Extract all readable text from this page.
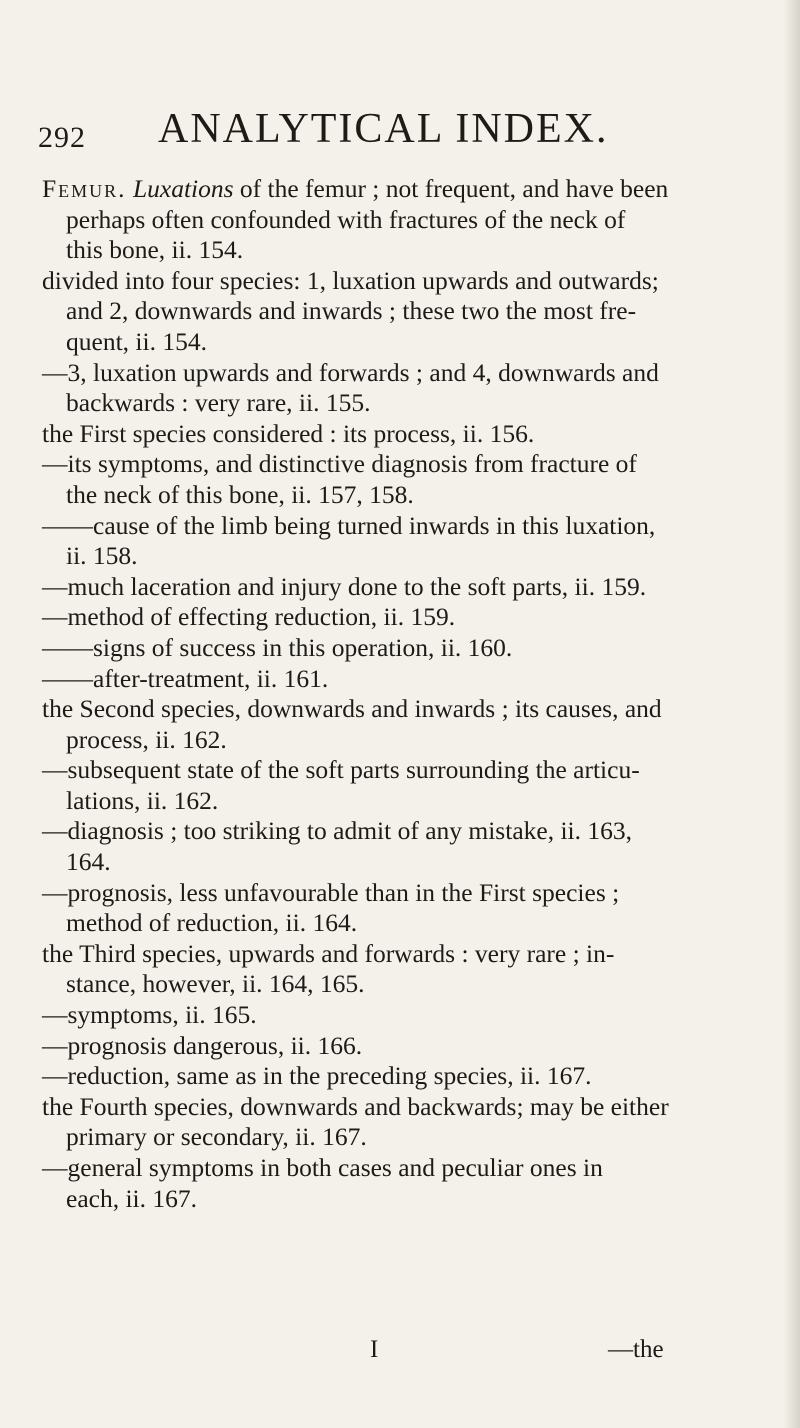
292 ANALYTICAL INDEX.
Femur. Luxations of the femur ; not frequent, and have been
perhaps often confounded with fractures of the neck of
this bone, ii. 154.
divided into four species: 1, luxation upwards and outwards;
and 2, downwards and inwards ; these two the most fre-
quent, ii. 154.
—3, luxation upwards and forwards ; and 4, downwards and
backwards : very rare, ii. 155.
the First species considered : its process, ii. 156.
—its symptoms, and distinctive diagnosis from fracture of
the neck of this bone, ii. 157, 158.
——cause of the limb being turned inwards in this luxation,
ii. 158.
—much laceration and injury done to the soft parts, ii. 159.
—method of effecting reduction, ii. 159.
——signs of success in this operation, ii. 160.
——after-treatment, ii. 161.
the Second species, downwards and inwards ; its causes, and
process, ii. 162.
—subsequent state of the soft parts surrounding the articu-
lations, ii. 162.
—diagnosis ; too striking to admit of any mistake, ii. 163,
164.
—prognosis, less unfavourable than in the First species ;
method of reduction, ii. 164.
the Third species, upwards and forwards : very rare ; in-
stance, however, ii. 164, 165.
—symptoms, ii. 165.
—prognosis dangerous, ii. 166.
—reduction, same as in the preceding species, ii. 167.
the Fourth species, downwards and backwards; may be either
primary or secondary, ii. 167.
—general symptoms in both cases and peculiar ones in
each, ii. 167.
I	—the
